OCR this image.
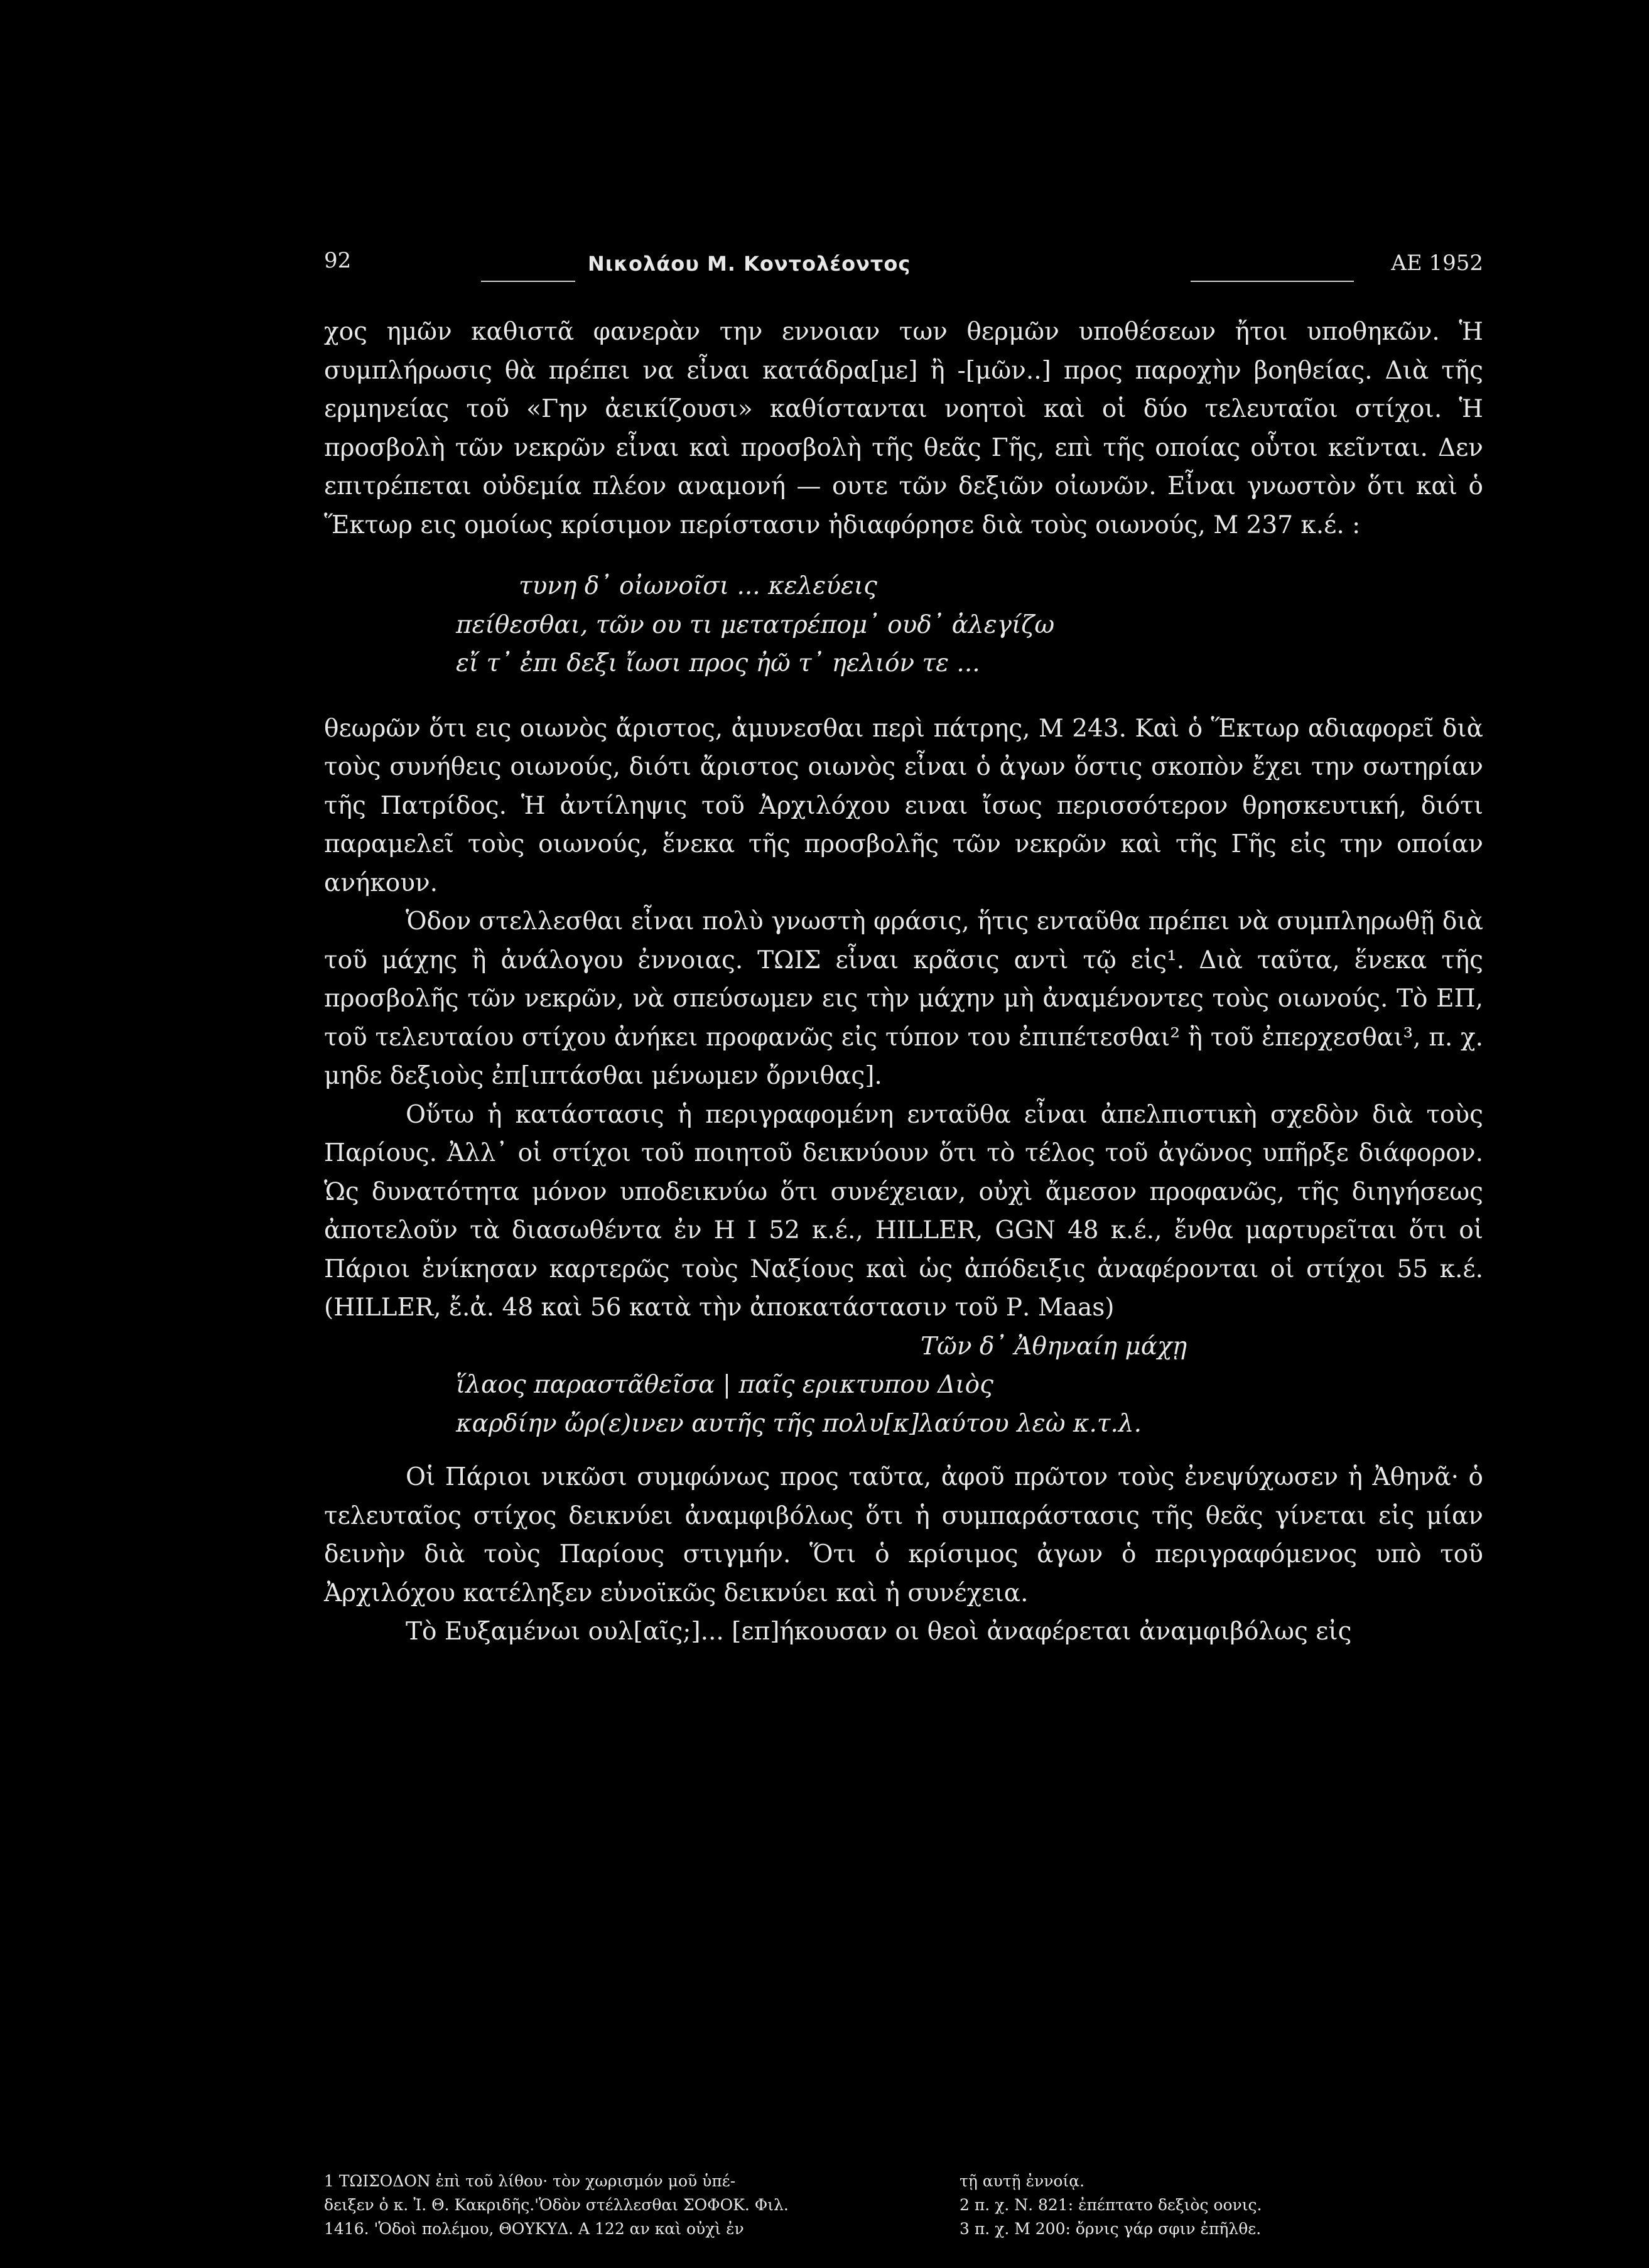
92	Νικολάου Μ. Κοντολέοντος	ΑΕ 1952

χος ημῶν καθιστᾶ φανερὰν την εννοιαν των θερμῶν υποθέσεων ἤτοι υποθηκῶν. Ἡ συμπλήρωσις θὰ πρέπει να εἶναι κατάδρα[με] ἢ -[μῶν..] προς παροχὴν βοηθείας. Διὰ τῆς ερμηνείας τοῦ «Γην ἀεικίζουσι» καθίστανται νοητοὶ καὶ οἱ δύο τελευταῖοι στίχοι. Ἡ προσβολὴ τῶν νεκρῶν εἶναι καὶ προσβολὴ τῆς θεᾶς Γῆς, επὶ τῆς οποίας οὗτοι κεῖνται. Δεν επιτρέπεται οὐδεμία πλέον αναμονή — ουτε τῶν δεξιῶν οἰωνῶν. Εἶναι γνωστὸν ὅτι καὶ ὁ Ἕκτωρ εις ομοίως κρίσιμον περίστασιν ἠδιαφόρησε διὰ τοὺς οιωνούς, Μ 237 κ.έ. :

τυνη δ᾿ οἰωνοῖσι ... κελεύεις
πείθεσθαι, τῶν ου τι μετατρέπομ᾿ ουδ᾿ ἀλεγίζω
εἴ τ᾿ ἐπι δεξι ἴωσι προς ἠῶ τ᾿ ηελιόν τε ...

θεωρῶν ὅτι εις οιωνὸς ἄριστος, ἀμυνεσθαι περὶ πάτρης, Μ 243. Καὶ ὁ Ἕκτωρ αδιαφορεῖ διὰ τοὺς συνήθεις οιωνούς, διότι ἄριστος οιωνὸς εἶναι ὁ ἀγων ὅστις σκοπὸν ἔχει την σωτηρίαν τῆς Πατρίδος. Ἡ ἀντίληψις τοῦ Ἀρχιλόχου ειναι ἴσως περισσότερον θρησκευτική, διότι παραμελεῖ τοὺς οιωνούς, ἕνεκα τῆς προσβολῆς τῶν νεκρῶν καὶ τῆς Γῆς εἰς την οποίαν ανήκουν.

Ὁδον στελλεσθαι εἶναι πολὺ γνωστὴ φράσις, ἥτις ενταῦθα πρέπει νὰ συμπληρωθῇ διὰ τοῦ μάχης ἢ ἀνάλογου ἐννοιας. ΤΩΙΣ εἶναι κρᾶσις αντὶ τῷ εἰς¹. Διὰ ταῦτα, ἕνεκα τῆς προσβολῆς τῶν νεκρῶν, νὰ σπεύσωμεν εις τὴν μάχην μὴ ἀναμένοντες τοὺς οιωνούς. Τὸ ΕΠ, τοῦ τελευταίου στίχου ἀνήκει προφανῶς εἰς τύπον του ἐπιπέτεσθαι² ἢ τοῦ ἐπερχεσθαι³, π. χ. μηδε δεξιοὺς ἐπ[ιπτάσθαι μένωμεν ὄρνιθας].

Οὕτω ἡ κατάστασις ἡ περιγραφομένη ενταῦθα εἶναι ἀπελπιστικὴ σχεδὸν διὰ τοὺς Παρίους. Ἀλλ᾿ οἱ στίχοι τοῦ ποιητοῦ δεικνύουν ὅτι τὸ τέλος τοῦ ἀγῶνος υπῆρξε διάφορον. Ὡς δυνατότητα μόνον υποδεικνύω ὅτι συνέχειαν, οὐχὶ ἄμεσον προφανῶς, τῆς διηγήσεως ἀποτελοῦν τὰ διασωθέντα ἐν Η Ι 52 κ.έ., HILLER, GGN 48 κ.έ., ἔνθα μαρτυρεῖται ὅτι οἱ Πάριοι ἐνίκησαν καρτερῶς τοὺς Ναξίους καὶ ὡς ἀπόδειξις ἀναφέρονται οἱ στίχοι 55 κ.έ. (HILLER, ἔ.ἀ. 48 καὶ 56 κατὰ τὴν ἀποκατάστασιν τοῦ Ρ. Maas)

Τῶν δ᾿ Ἀθηναίη μάχῃ
ἵλαος παραστᾶθεῖσα | παῖς ερικτυπου Διὸς
καρδίην ὤρ(ε)ινεν αυτῆς τῆς πολυ[κ]λαύτου λεὼ κ.τ.λ.

Οἱ Πάριοι νικῶσι συμφώνως προς ταῦτα, ἀφοῦ πρῶτον τοὺς ἐνεψύχωσεν ἡ Ἀθηνᾶ· ὁ τελευταῖος στίχος δεικνύει ἀναμφιβόλως ὅτι ἡ συμπαράστασις τῆς θεᾶς γίνεται εἰς μίαν δεινὴν διὰ τοὺς Παρίους στιγμήν. Ὅτι ὁ κρίσιμος ἀγων ὁ περιγραφόμενος υπὸ τοῦ Ἀρχιλόχου κατέληξεν εὐνοϊκῶς δεικνύει καὶ ἡ συνέχεια.

Τὸ Ευξαμένωι ουλ[αῖς;]... [επ]ήκουσαν οι θεοὶ ἀναφέρεται ἀναμφιβόλως εἰς

1 ΤΩΙΣΟΔΟΝ ἐπὶ τοῦ λίθου· τὸν χωρισμόν μοῦ ὑπέ-
δειξεν ὁ κ. Ἰ. Θ. Κακριδῆς.'Ὁδὸν στέλλεσθαι ΣΟΦΟΚ. Φιλ.
1416. 'Ὁδοὶ πολέμου, ΘΟΥΚΥΔ. Α 122 αν καὶ οὐχὶ ἐν
τῇ αυτῇ ἐννοίᾳ.
2 π. χ. Ν. 821: ἐπέπτατο δεξιὸς οονις.
3 π. χ. Μ 200: ὄρνις γάρ σφιν ἐπῆλθε.
